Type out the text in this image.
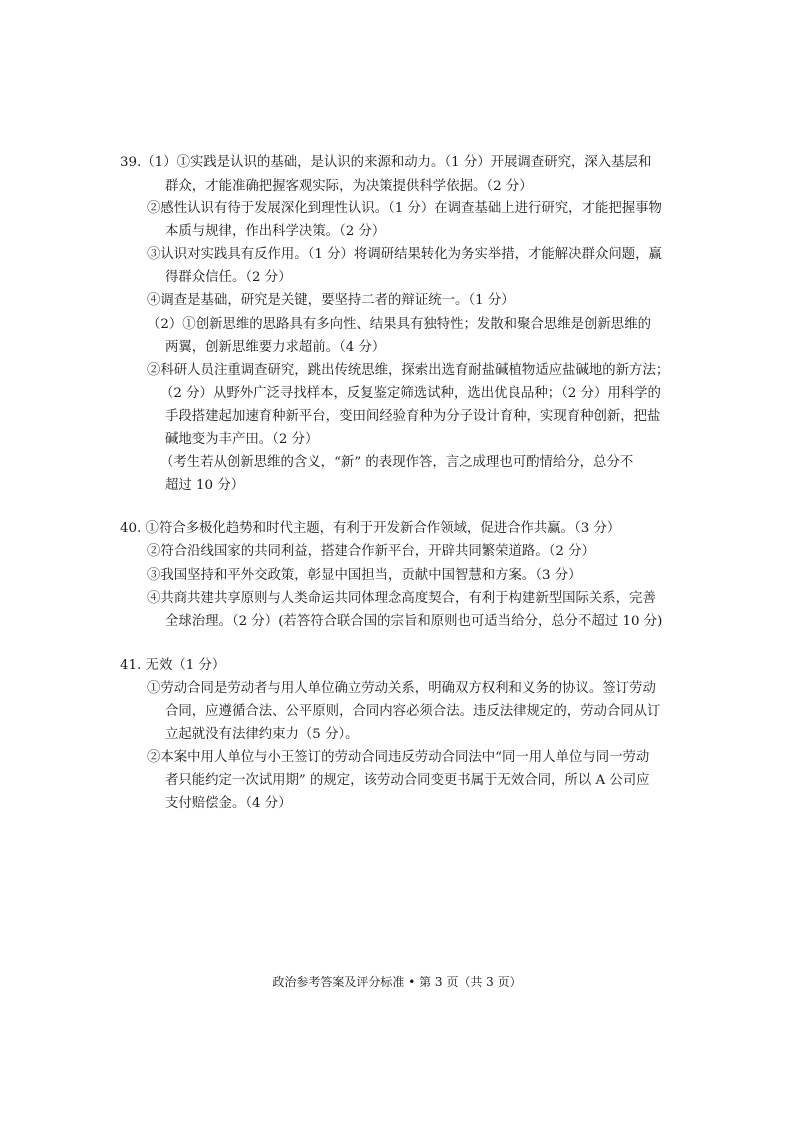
39.（1）①实践是认识的基础，是认识的来源和动力。（1 分）开展调查研究，深入基层和
群众，才能准确把握客观实际，为决策提供科学依据。（2 分）
②感性认识有待于发展深化到理性认识。（1 分）在调查基础上进行研究，才能把握事物
本质与规律，作出科学决策。（2 分）
③认识对实践具有反作用。（1 分）将调研结果转化为务实举措，才能解决群众问题，赢
得群众信任。（2 分）
④调查是基础，研究是关键，要坚持二者的辩证统一。（1 分）
（2）①创新思维的思路具有多向性、结果具有独特性；发散和聚合思维是创新思维的
两翼，创新思维要力求超前。（4 分）
②科研人员注重调查研究，跳出传统思维，探索出选育耐盐碱植物适应盐碱地的新方法；
（2 分）从野外广泛寻找样本，反复鉴定筛选试种，选出优良品种；（2 分）用科学的
手段搭建起加速育种新平台，变田间经验育种为分子设计育种，实现育种创新，把盐
碱地变为丰产田。（2 分）
（考生若从创新思维的含义，“新” 的表现作答，言之成理也可酌情给分，总分不
超过 10 分）
40. ①符合多极化趋势和时代主题，有利于开发新合作领域，促进合作共赢。（3 分）
②符合沿线国家的共同利益，搭建合作新平台，开辟共同繁荣道路。（2 分）
③我国坚持和平外交政策，彰显中国担当，贡献中国智慧和方案。（3 分）
④共商共建共享原则与人类命运共同体理念高度契合，有利于构建新型国际关系，完善
全球治理。（2 分）(若答符合联合国的宗旨和原则也可适当给分，总分不超过 10 分)
41. 无效（1 分）
①劳动合同是劳动者与用人单位确立劳动关系，明确双方权利和义务的协议。签订劳动
合同，应遵循合法、公平原则，合同内容必须合法。违反法律规定的，劳动合同从订
立起就没有法律约束力（5 分）。
②本案中用人单位与小王签订的劳动合同违反劳动合同法中“同一用人单位与同一劳动
者只能约定一次试用期” 的规定，该劳动合同变更书属于无效合同，所以 A 公司应
支付赔偿金。（4 分）
政治参考答案及评分标准 • 第 3 页（共 3 页）
